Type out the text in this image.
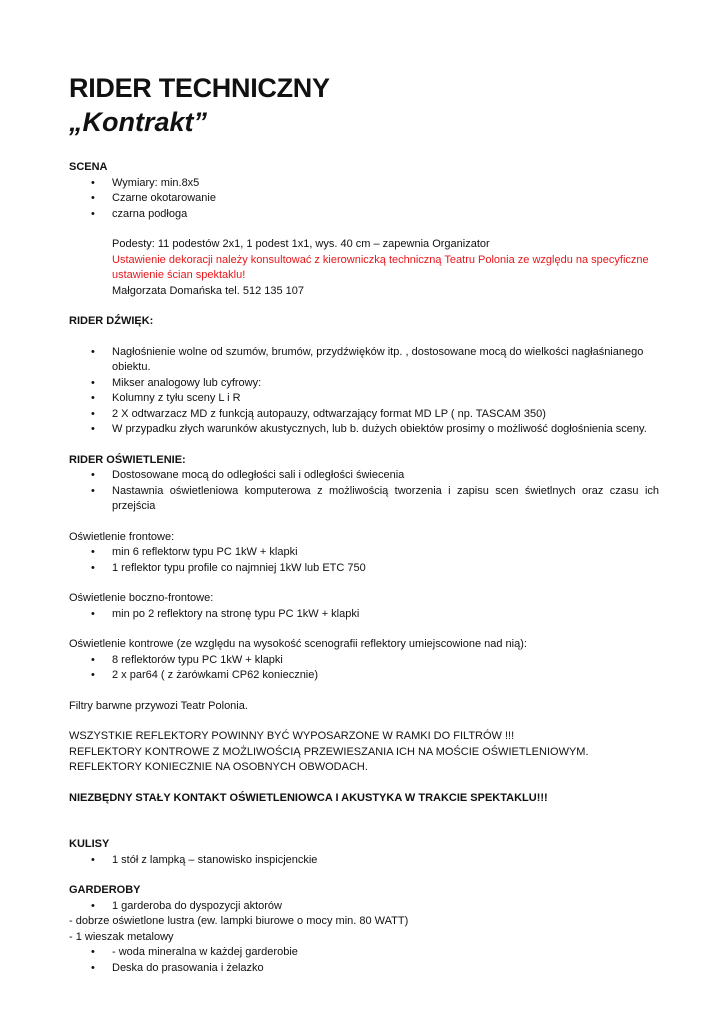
RIDER TECHNICZNY
„Kontrakt”

SCENA

• Wymiary: min.8x5
• Czarne okotarowanie
• czarna podłoga

Podesty: 11 podestów 2x1, 1 podest 1x1, wys. 40 cm – zapewnia Organizator

Ustawienie dekoracji należy konsultować z kierowniczką techniczną Teatru Polonia ze względu na specyficzne ustawienie ścian spektaklu!

Małgorzata Domańska tel. 512 135 107

RIDER DŹWIĘK:

• Nagłośnienie wolne od szumów, brumów, przydźwięków itp. , dostosowane mocą do wielkości nagłaśnianego obiektu.
• Mikser analogowy lub cyfrowy:
• Kolumny z tyłu sceny L i R
• 2 X odtwarzacz MD z funkcją autopauzy, odtwarzający format MD LP ( np. TASCAM 350)
• W przypadku złych warunków akustycznych, lub b. dużych obiektów prosimy o możliwość dogłośnienia sceny.

RIDER OŚWIETLENIE:

• Dostosowane mocą do odległości sali i odległości świecenia
• Nastawnia oświetleniowa komputerowa z możliwością tworzenia i zapisu scen świetlnych oraz czasu ich przejścia

Oświetlenie frontowe:

• min 6 reflektorw typu PC 1kW + klapki
• 1 reflektor typu profile co najmniej 1kW lub ETC 750

Oświetlenie boczno-frontowe:

• min po 2 reflektory na stronę typu PC 1kW + klapki

Oświetlenie kontrowe (ze względu na wysokość scenografii reflektory umiejscowione nad nią):

• 8 reflektorów typu PC 1kW + klapki
• 2 x par64 ( z żarówkami CP62 koniecznie)

Filtry barwne przywozi Teatr Polonia.

WSZYSTKIE REFLEKTORY POWINNY BYĆ WYPOSARZONE W RAMKI DO FILTRÓW !!!

REFLEKTORY KONTROWE Z MOŻLIWOŚCIĄ PRZEWIESZANIA ICH NA MOŚCIE OŚWIETLENIOWYM.

REFLEKTORY KONIECZNIE NA OSOBNYCH OBWODACH.

NIEZBĘDNY STAŁY KONTAKT OŚWIETLENIOWCA I AKUSTYKA W TRAKCIE SPEKTAKLU!!!

KULISY

• 1 stół z lampką – stanowisko inspicjenckie

GARDEROBY

• 1 garderoba do dyspozycji aktorów

- dobrze oświetlone lustra (ew. lampki biurowe o mocy min. 80 WATT)

- 1 wieszak metalowy

• - woda mineralna w każdej garderobie
• Deska do prasowania i żelazko
